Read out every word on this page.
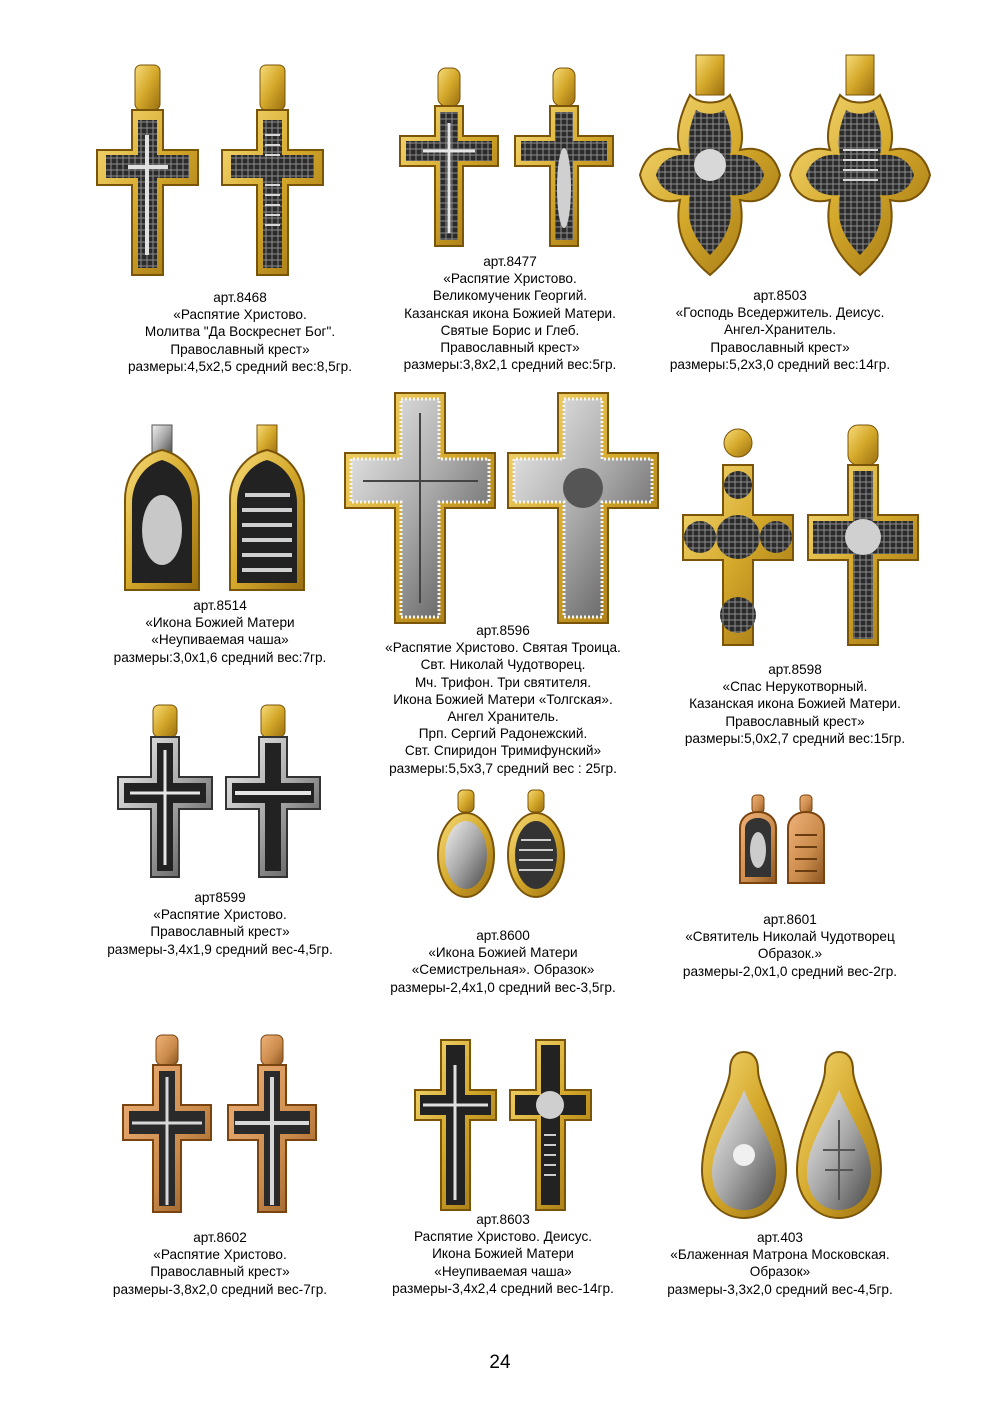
арт.8468
«Распятие Христово.
Молитва "Да Воскреснет Бог".
Православный крест»
размеры:4,5х2,5 средний вес:8,5гр.
арт.8477
«Распятие Христово.
Великомученик Георгий.
Казанская икона Божией Матери.
Святые Борис и Глеб.
Православный крест»
размеры:3,8х2,1 средний вес:5гр.
арт.8503
«Господь Вседержитель. Деисус.
Ангел-Хранитель.
Православный крест»
размеры:5,2х3,0 средний вес:14гр.
арт.8514
«Икона Божией Матери
«Неупиваемая чаша»
размеры:3,0х1,6 средний вес:7гр.
арт.8596
«Распятие Христово. Святая Троица.
Свт. Николай Чудотворец.
Мч. Трифон. Три святителя.
Икона Божией Матери «Толгская».
Ангел Хранитель.
Прп. Сергий Радонежский.
Свт. Спиридон Тримифунский»
размеры:5,5х3,7 средний вес : 25гр.
арт.8598
«Спас Нерукотворный.
Казанская икона Божией Матери.
Православный крест»
размеры:5,0х2,7 средний вес:15гр.
арт8599
«Распятие Христово.
Православный крест»
размеры-3,4х1,9 средний вес-4,5гр.
арт.8600
«Икона Божией Матери
«Семистрельная». Образок»
размеры-2,4х1,0 средний вес-3,5гр.
арт.8601
«Святитель Николай Чудотворец
Образок.»
размеры-2,0х1,0 средний вес-2гр.
арт.8602
«Распятие Христово.
Православный крест»
размеры-3,8х2,0 средний вес-7гр.
арт.8603
Распятие Христово. Деисус.
Икона Божией Матери
«Неупиваемая чаша»
размеры-3,4х2,4 средний вес-14гр.
арт.403
«Блаженная Матрона Московская.
Образок»
размеры-3,3х2,0 средний вес-4,5гр.
24
